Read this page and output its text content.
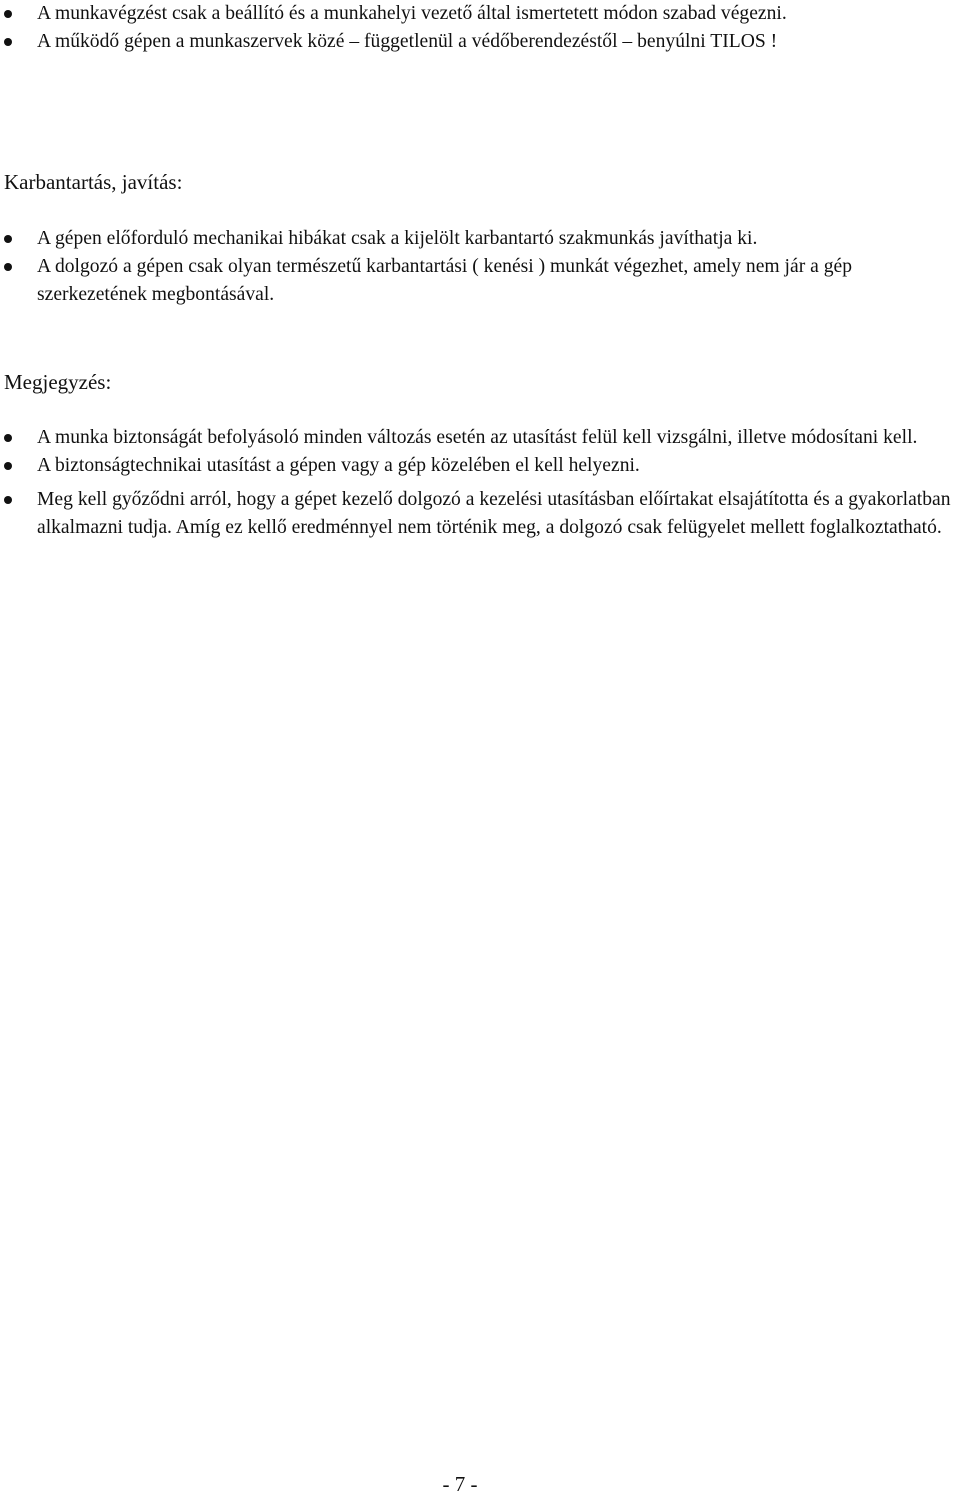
A munkavégzést csak a beállító és a munkahelyi vezető által ismertetett módon szabad végezni.
A működő gépen a munkaszervek közé – függetlenül a védőberendezéstől – benyúlni TILOS !
Karbantartás, javítás:
A gépen előforduló mechanikai hibákat csak a kijelölt karbantartó szakmunkás javíthatja ki.
A dolgozó a gépen csak olyan természetű karbantartási ( kenési ) munkát végezhet, amely nem jár a gép szerkezetének megbontásával.
Megjegyzés:
A munka biztonságát befolyásoló minden változás esetén az utasítást felül kell vizsgálni, illetve módosítani kell.
A biztonságtechnikai utasítást a gépen vagy a gép közelében el kell helyezni.
Meg kell győződni arról, hogy a gépet kezelő dolgozó a kezelési utasításban előírtakat elsajátította és a gyakorlatban alkalmazni tudja. Amíg ez kellő eredménnyel nem történik meg, a dolgozó csak felügyelet mellett foglalkoztatható.
- 7 -
